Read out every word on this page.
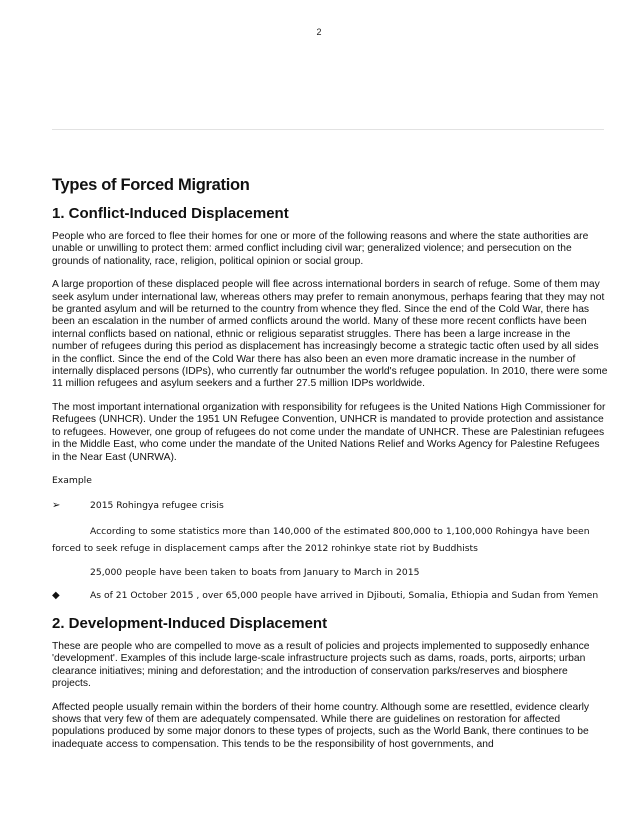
2
Types of Forced Migration
1. Conflict-Induced Displacement

People who are forced to flee their homes for one or more of the following reasons and where the state authorities are unable or unwilling to protect them: armed conflict including civil war; generalized violence; and persecution on the grounds of nationality, race, religion, political opinion or social group.

A large proportion of these displaced people will flee across international borders in search of refuge. Some of them may seek asylum under international law, whereas others may prefer to remain anonymous, perhaps fearing that they may not be granted asylum and will be returned to the country from whence they fled. Since the end of the Cold War, there has been an escalation in the number of armed conflicts around the world. Many of these more recent conflicts have been internal conflicts based on national, ethnic or religious separatist struggles. There has been a large increase in the number of refugees during this period as displacement has increasingly become a strategic tactic often used by all sides in the conflict. Since the end of the Cold War there has also been an even more dramatic increase in the number of internally displaced persons (IDPs), who currently far outnumber the world's refugee population. In 2010, there were some 11 million refugees and asylum seekers and a further 27.5 million IDPs worldwide.

The most important international organization with responsibility for refugees is the United Nations High Commissioner for Refugees (UNHCR). Under the 1951 UN Refugee Convention, UNHCR is mandated to provide protection and assistance to refugees. However, one group of refugees do not come under the mandate of UNHCR. These are Palestinian refugees in the Middle East, who come under the mandate of the United Nations Relief and Works Agency for Palestine Refugees in the Near East (UNRWA).

Example
➢	2015 Rohingya refugee crisis
According to some statistics more than 140,000 of the estimated 800,000 to 1,100,000 Rohingya have been
forced to seek refuge in displacement camps after the 2012 rohinkye state riot by Buddhists
25,000 people have been taken to boats from January to March in 2015
◆	As of 21 October 2015 , over 65,000 people have arrived in Djibouti, Somalia, Ethiopia and Sudan from Yemen
2. Development-Induced Displacement

These are people who are compelled to move as a result of policies and projects implemented to supposedly enhance 'development'. Examples of this include large-scale infrastructure projects such as dams, roads, ports, airports; urban clearance initiatives; mining and deforestation; and the introduction of conservation parks/reserves and biosphere projects.

Affected people usually remain within the borders of their home country. Although some are resettled, evidence clearly shows that very few of them are adequately compensated. While there are guidelines on restoration for affected populations produced by some major donors to these types of projects, such as the World Bank, there continues to be inadequate access to compensation. This tends to be the responsibility of host governments, and
